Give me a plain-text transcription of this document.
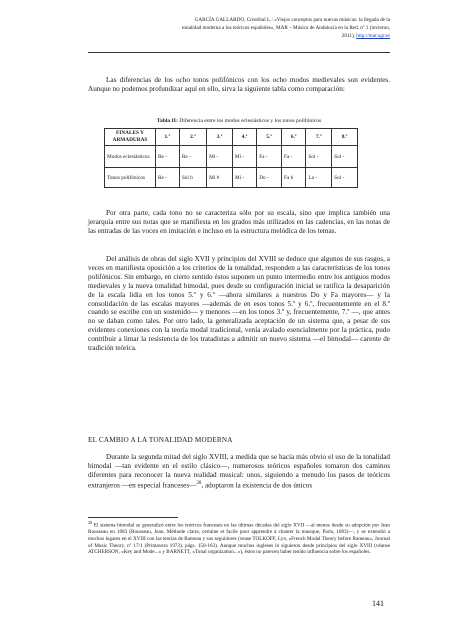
GARCÍA GALLARDO, Cristóbal L.: «Viejos conceptos para nuevas músicas: la llegada de la
tonalidad moderna a los teóricos españoles», MAR – Música de Andalucía en la Red, nº 1 (invierno,
2011), http://mar.ugr.es

Las diferencias de los ocho tonos polifónicos con los ocho modos medievales son evidentes. Aunque no podemos profundizar aquí en ello, sirva la siguiente tabla como comparación:

Tabla II: Diferencia entre los modos eclesiásticos y los tonos polifónicos
FINALES Y
ARMADURAS	1.º	2.º	3.º	4.º	5.º	6.º	7.º	8.º
Modos eclesiásticos	Re -	Re -	Mi -	Mi -	Fa -	Fa -	Sol -	Sol -
Tonos polifónicos	Re -	Sol b	Mi #	Mi -	Do -	Fa b	La -	Sol -

Por otra parte, cada tono no se caracteriza sólo por su escala, sino que implica también una jerarquía entre sus notas que se manifiesta en los grados más utilizados en las cadencias, en las notas de las entradas de las voces en imitación e incluso en la estructura melódica de los temas.

Del análisis de obras del siglo XVII y principios del XVIII se deduce que algunos de sus rasgos, a veces en manifiesta oposición a los criterios de la tonalidad, responden a las características de los tonos polifónicos. Sin embargo, en cierto sentido éstos suponen un punto intermedio entre los antiguos modos medievales y la nueva tonalidad bimodal, pues desde su configuración inicial se ratifica la desaparición de la escala lidia en los tonos 5.º y 6.º —ahora similares a nuestros Do y Fa mayores— y la consolidación de las escalas mayores —además de en esos tonos 5.º y 6.º, frecuentemente en el 8.º cuando se escribe con un sostenido— y menores —en los tonos 3.º y, frecuentemente, 7.º —, que antes no se daban como tales. Por otro lado, la generalizada aceptación de un sistema que, a pesar de sus evidentes conexiones con la teoría modal tradicional, venía avalado esencialmente por la práctica, pudo contribuir a limar la resistencia de los tratadistas a admitir un nuevo sistema —el bimodal— carente de tradición teórica.

EL CAMBIO A LA TONALIDAD MODERNA

Durante la segunda mitad del siglo XVIII, a medida que se hacía más obvio el uso de la tonalidad bimodal —tan evidente en el estilo clásico—, numerosos teóricos españoles tomaron dos caminos diferentes para reconocer la nueva realidad musical: unos, siguiendo a menudo los pasos de teóricos extranjeros —en especial franceses—$^{28}$, adoptaron la existencia de dos únicos

$^{28}$ El sistema bimodal se generalizó entre los teóricos franceses en las últimas décadas del siglo XVII —al menos desde su adopción por Jean Rousseau en 1683 (Rousseau, Jean, Méthode claire, certaine et facile pour apprendre à chanter la musique, Paris, 1683)—, y se extendió a muchos lugares en el XVIII con las teorías de Rameau y sus seguidores (vease TOLKOFF, Lyn, «French Modal Theory before Rameau», Journal of Music Theory, nº 17/1 (Primavera 1973), págs. 150-163). Aunque muchos ingleses lo siguieron desde principios del siglo XVIII (véanse ATCHERSON, «Key and Mode...» y BARNETT, «Tonal organization...»), éstos no parecen haber tenido influencia sobre los españoles.

141
